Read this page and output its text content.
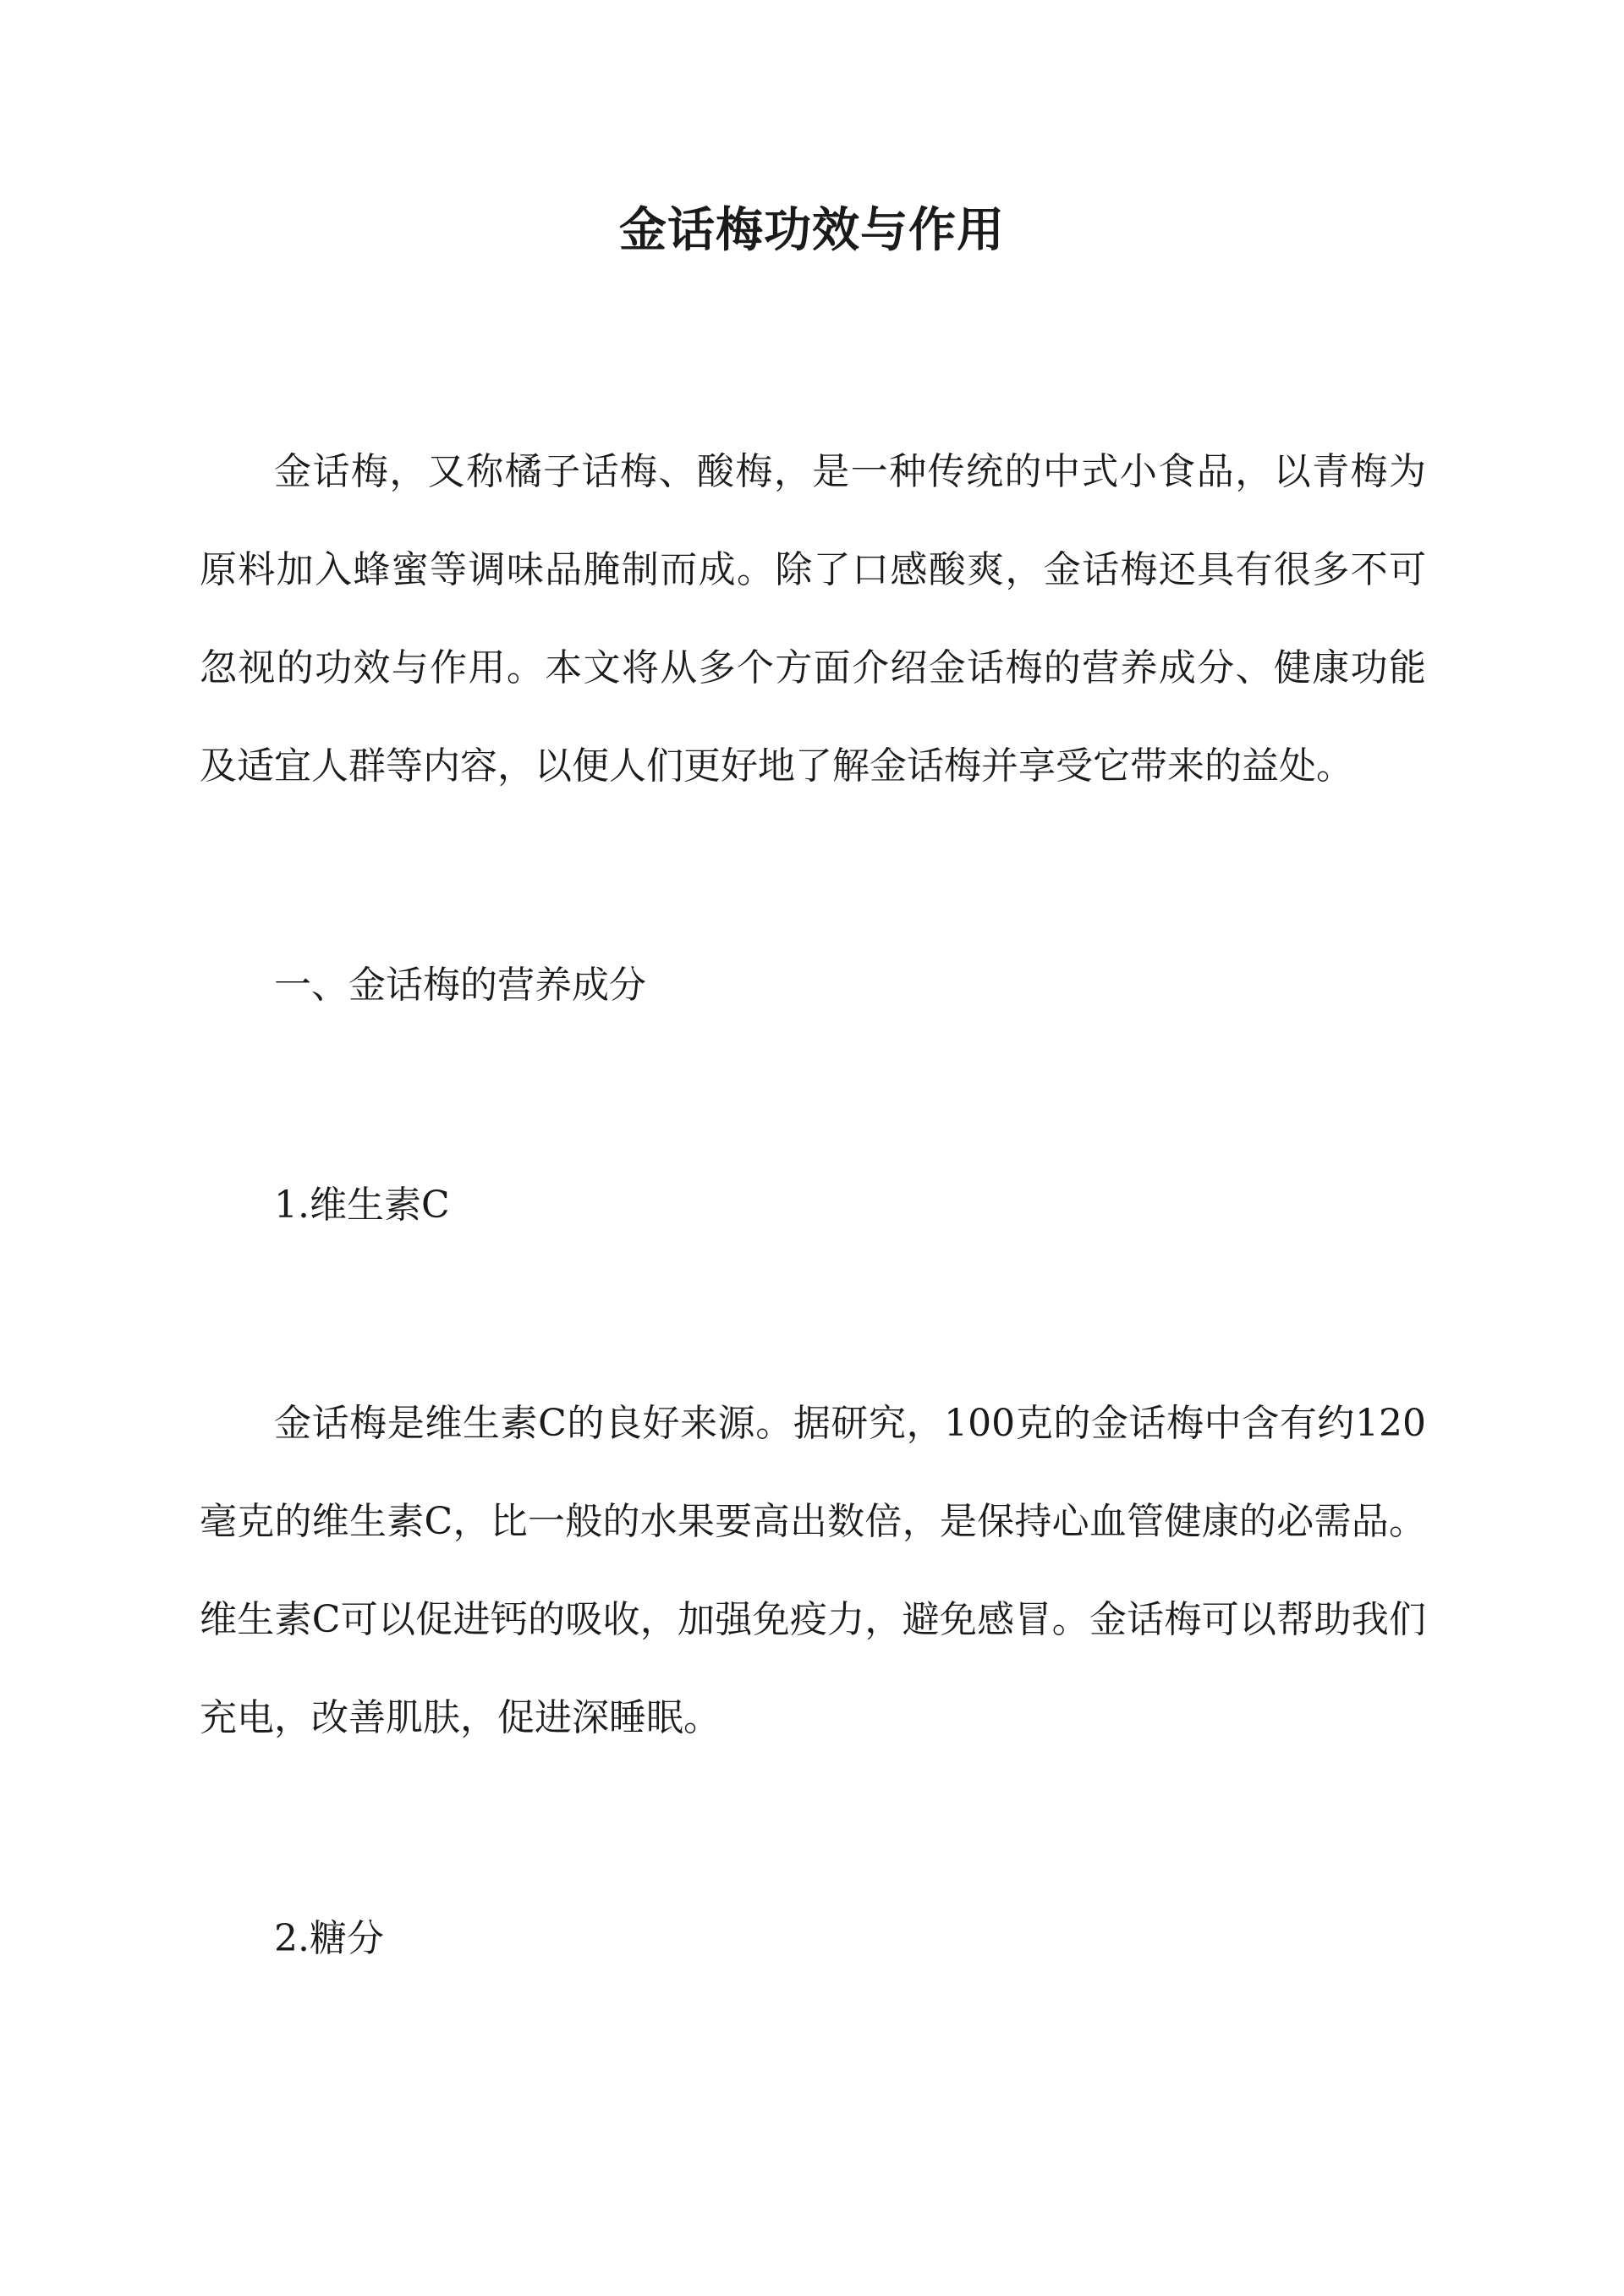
金话梅功效与作用

金话梅，又称橘子话梅、酸梅，是一种传统的中式小食品，以青梅为原料加入蜂蜜等调味品腌制而成。除了口感酸爽，金话梅还具有很多不可忽视的功效与作用。本文将从多个方面介绍金话梅的营养成分、健康功能及适宜人群等内容，以便人们更好地了解金话梅并享受它带来的益处。

一、金话梅的营养成分

1.维生素C

金话梅是维生素C的良好来源。据研究，100克的金话梅中含有约120毫克的维生素C，比一般的水果要高出数倍，是保持心血管健康的必需品。维生素C可以促进钙的吸收，加强免疫力，避免感冒。金话梅可以帮助我们充电，改善肌肤，促进深睡眠。

2.糖分
